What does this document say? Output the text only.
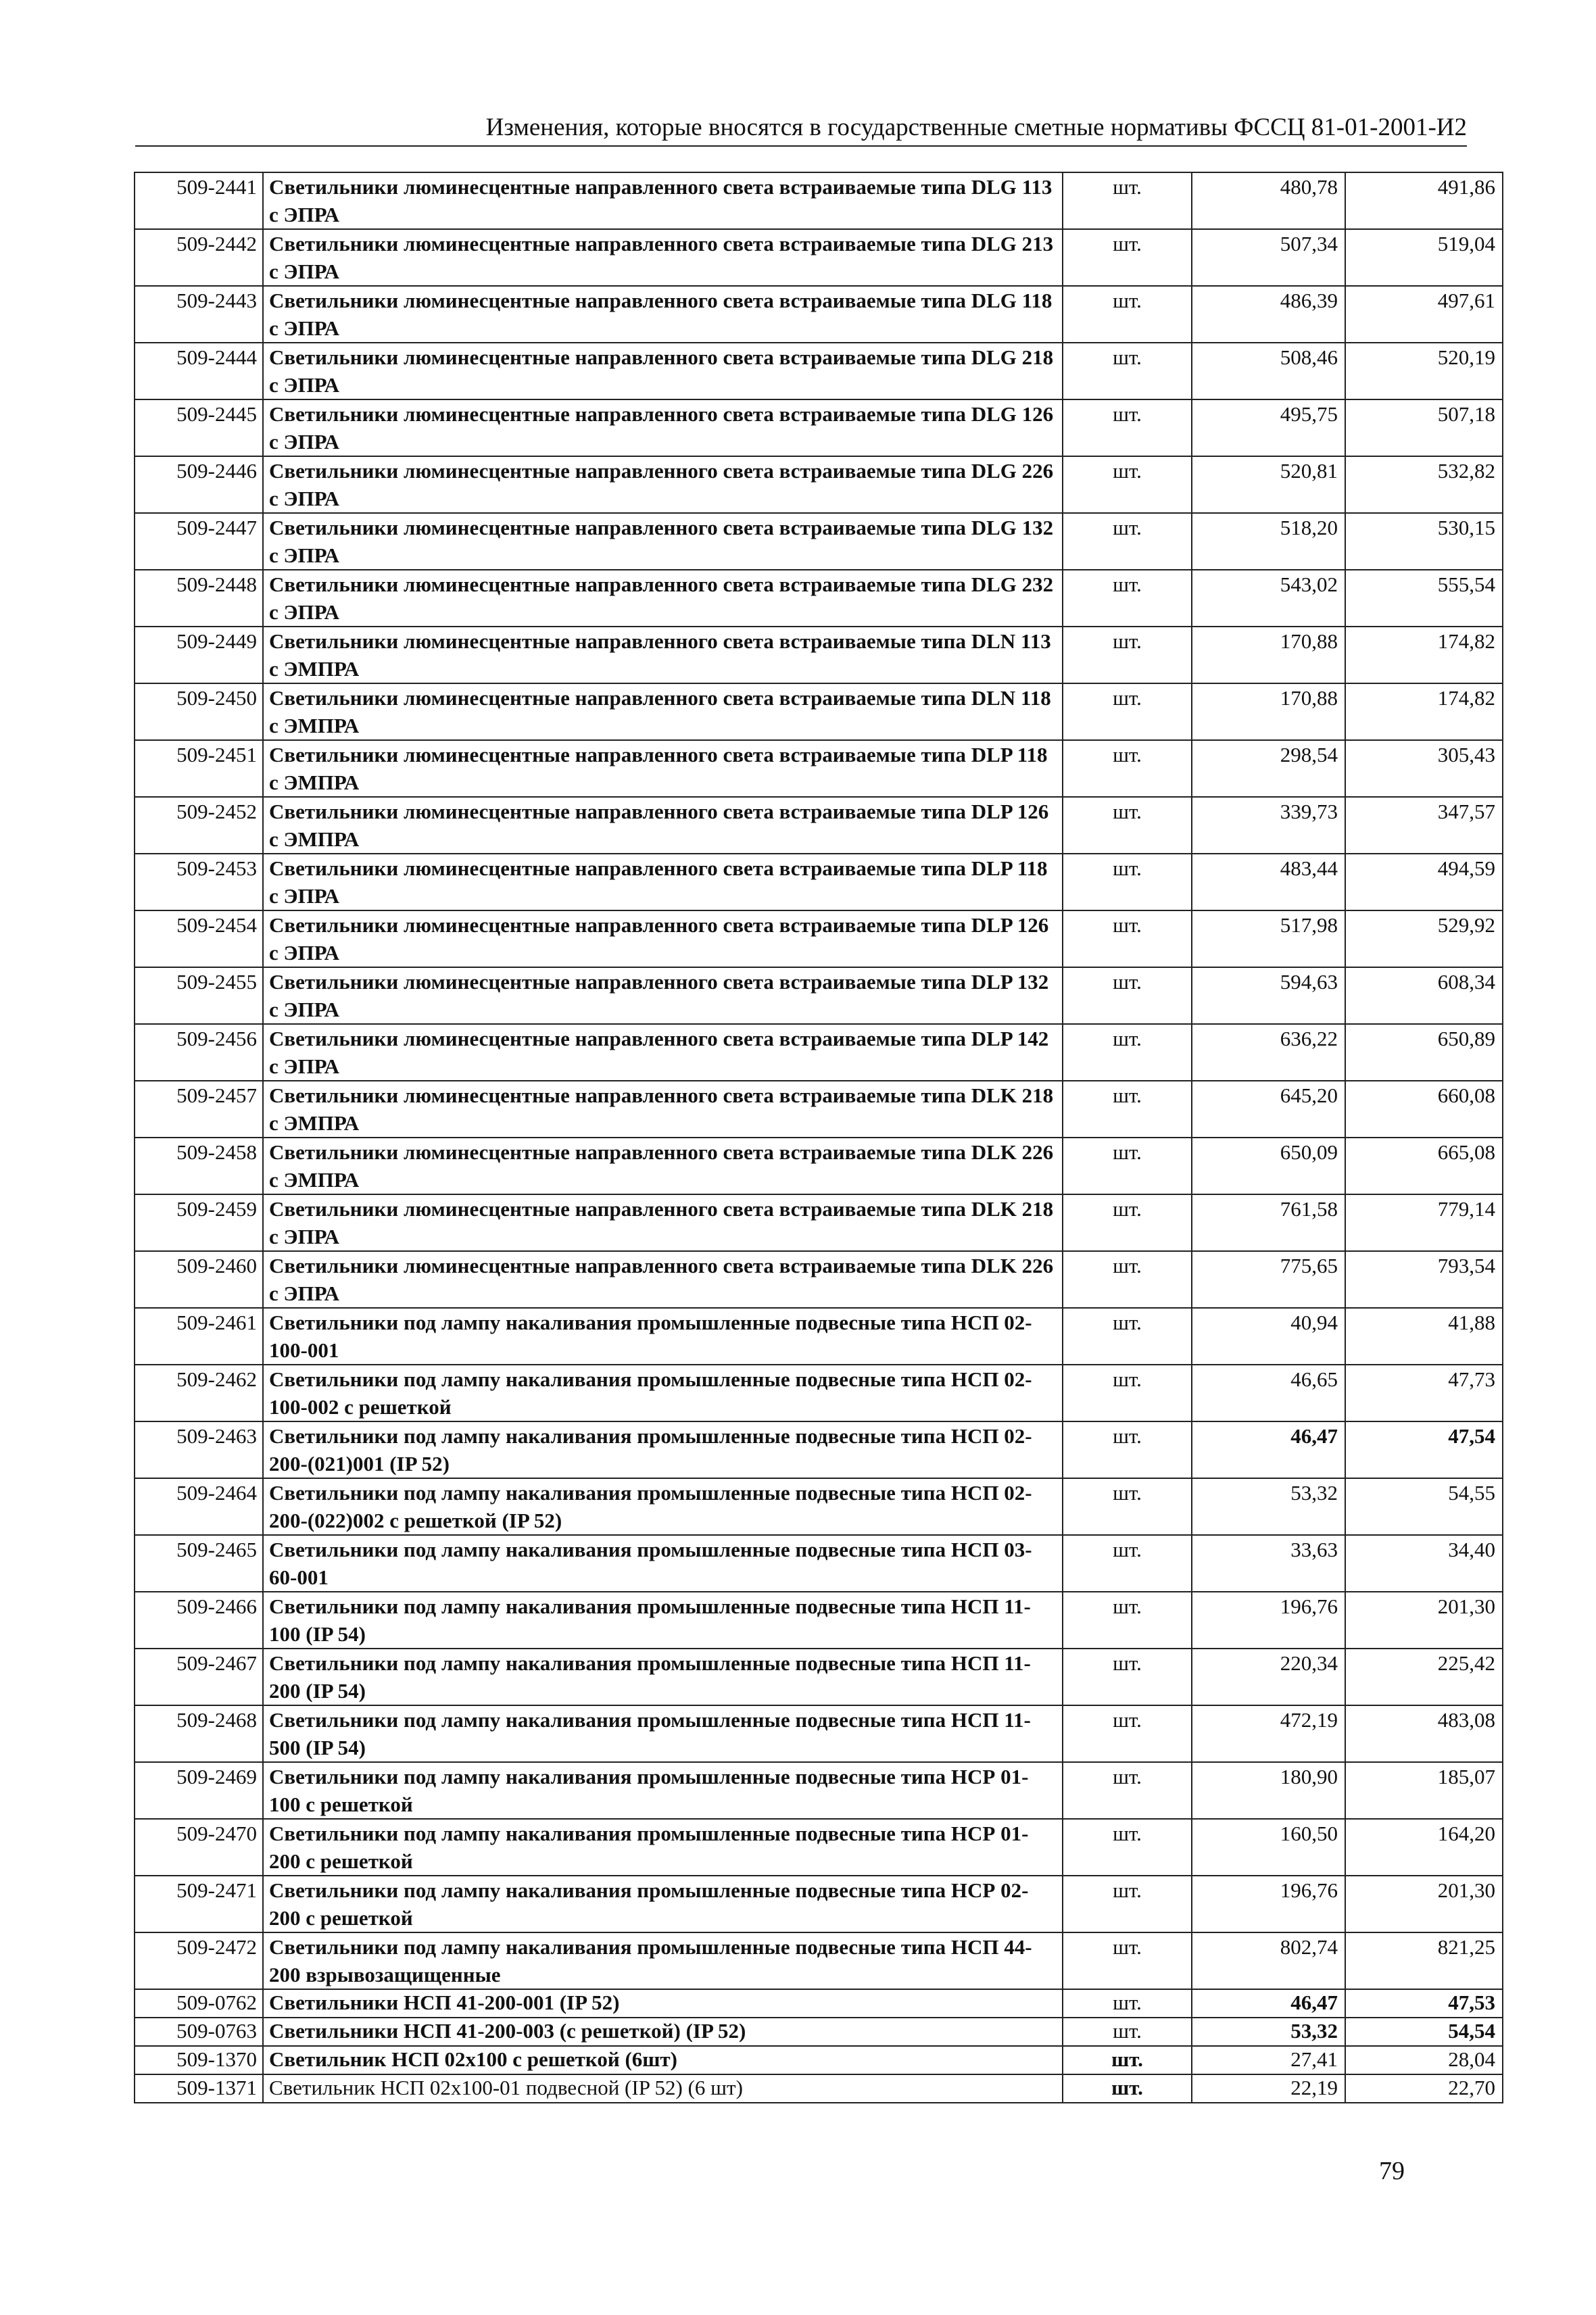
Изменения, которые вносятся в государственные сметные нормативы ФССЦ 81-01-2001-И2
509-2441	Светильники люминесцентные направленного света встраиваемые типа DLG 113 с ЭПРА	шт.	480,78	491,86
509-2442	Светильники люминесцентные направленного света встраиваемые типа DLG 213 с ЭПРА	шт.	507,34	519,04
509-2443	Светильники люминесцентные направленного света встраиваемые типа DLG 118 с ЭПРА	шт.	486,39	497,61
509-2444	Светильники люминесцентные направленного света встраиваемые типа DLG 218 с ЭПРА	шт.	508,46	520,19
509-2445	Светильники люминесцентные направленного света встраиваемые типа DLG 126 с ЭПРА	шт.	495,75	507,18
509-2446	Светильники люминесцентные направленного света встраиваемые типа DLG 226 с ЭПРА	шт.	520,81	532,82
509-2447	Светильники люминесцентные направленного света встраиваемые типа DLG 132 с ЭПРА	шт.	518,20	530,15
509-2448	Светильники люминесцентные направленного света встраиваемые типа DLG 232 с ЭПРА	шт.	543,02	555,54
509-2449	Светильники люминесцентные направленного света встраиваемые типа DLN 113 с ЭМПРА	шт.	170,88	174,82
509-2450	Светильники люминесцентные направленного света встраиваемые типа DLN 118 с ЭМПРА	шт.	170,88	174,82
509-2451	Светильники люминесцентные направленного света встраиваемые типа DLP 118 с ЭМПРА	шт.	298,54	305,43
509-2452	Светильники люминесцентные направленного света встраиваемые типа DLP 126 с ЭМПРА	шт.	339,73	347,57
509-2453	Светильники люминесцентные направленного света встраиваемые типа DLP 118 с ЭПРА	шт.	483,44	494,59
509-2454	Светильники люминесцентные направленного света встраиваемые типа DLP 126 с ЭПРА	шт.	517,98	529,92
509-2455	Светильники люминесцентные направленного света встраиваемые типа DLP 132 с ЭПРА	шт.	594,63	608,34
509-2456	Светильники люминесцентные направленного света встраиваемые типа DLP 142 с ЭПРА	шт.	636,22	650,89
509-2457	Светильники люминесцентные направленного света встраиваемые типа DLK 218 с ЭМПРА	шт.	645,20	660,08
509-2458	Светильники люминесцентные направленного света встраиваемые типа DLK 226 с ЭМПРА	шт.	650,09	665,08
509-2459	Светильники люминесцентные направленного света встраиваемые типа DLK 218 с ЭПРА	шт.	761,58	779,14
509-2460	Светильники люминесцентные направленного света встраиваемые типа DLK 226 с ЭПРА	шт.	775,65	793,54
509-2461	Светильники под лампу накаливания промышленные подвесные типа НСП 02-100-001	шт.	40,94	41,88
509-2462	Светильники под лампу накаливания промышленные подвесные типа НСП 02-100-002 с решеткой	шт.	46,65	47,73
509-2463	Светильники под лампу накаливания промышленные подвесные типа НСП 02-200-(021)001 (IP 52)	шт.	46,47	47,54
509-2464	Светильники под лампу накаливания промышленные подвесные типа НСП 02-200-(022)002 с решеткой (IP 52)	шт.	53,32	54,55
509-2465	Светильники под лампу накаливания промышленные подвесные типа НСП 03-60-001	шт.	33,63	34,40
509-2466	Светильники под лампу накаливания промышленные подвесные типа НСП 11-100 (IP 54)	шт.	196,76	201,30
509-2467	Светильники под лампу накаливания промышленные подвесные типа НСП 11-200 (IP 54)	шт.	220,34	225,42
509-2468	Светильники под лампу накаливания промышленные подвесные типа НСП 11-500 (IP 54)	шт.	472,19	483,08
509-2469	Светильники под лампу накаливания промышленные подвесные типа НСР 01-100 с решеткой	шт.	180,90	185,07
509-2470	Светильники под лампу накаливания промышленные подвесные типа НСР 01-200 с решеткой	шт.	160,50	164,20
509-2471	Светильники под лампу накаливания промышленные подвесные типа НСР 02-200 с решеткой	шт.	196,76	201,30
509-2472	Светильники под лампу накаливания промышленные подвесные типа НСП 44-200 взрывозащищенные	шт.	802,74	821,25
509-0762	Светильники НСП 41-200-001 (IP 52)	шт.	46,47	47,53
509-0763	Светильники НСП 41-200-003 (с решеткой) (IP 52)	шт.	53,32	54,54
509-1370	Светильник НСП 02х100 с решеткой (6шт)	шт.	27,41	28,04
509-1371	Светильник НСП 02х100-01 подвесной (IP 52) (6 шт)	шт.	22,19	22,70
79
